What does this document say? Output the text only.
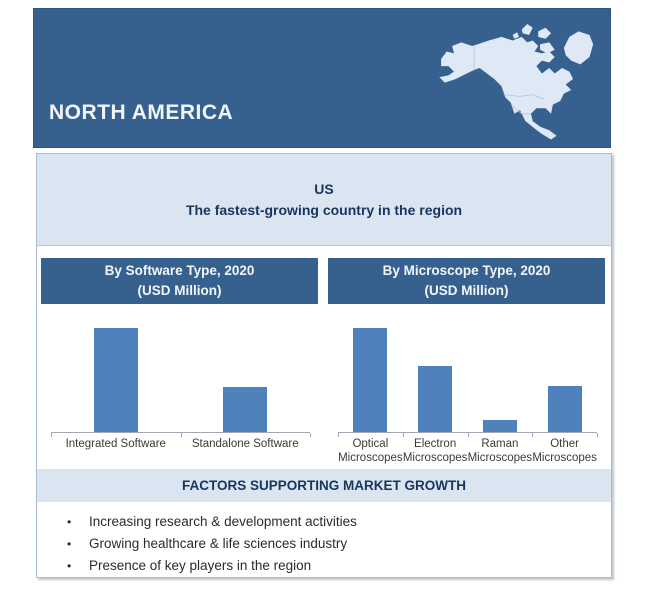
NORTH AMERICA
US
The fastest-growing country in the region
By Software Type, 2020
(USD Million)
Integrated Software	Standalone Software
By Microscope Type, 2020
(USD Million)
Optical Microscopes
Electron Microscopes
Raman Microscopes
Other Microscopes
FACTORS SUPPORTING MARKET GROWTH
•	Increasing research & development activities
•	Growing healthcare & life sciences industry
•	Presence of key players in the region
